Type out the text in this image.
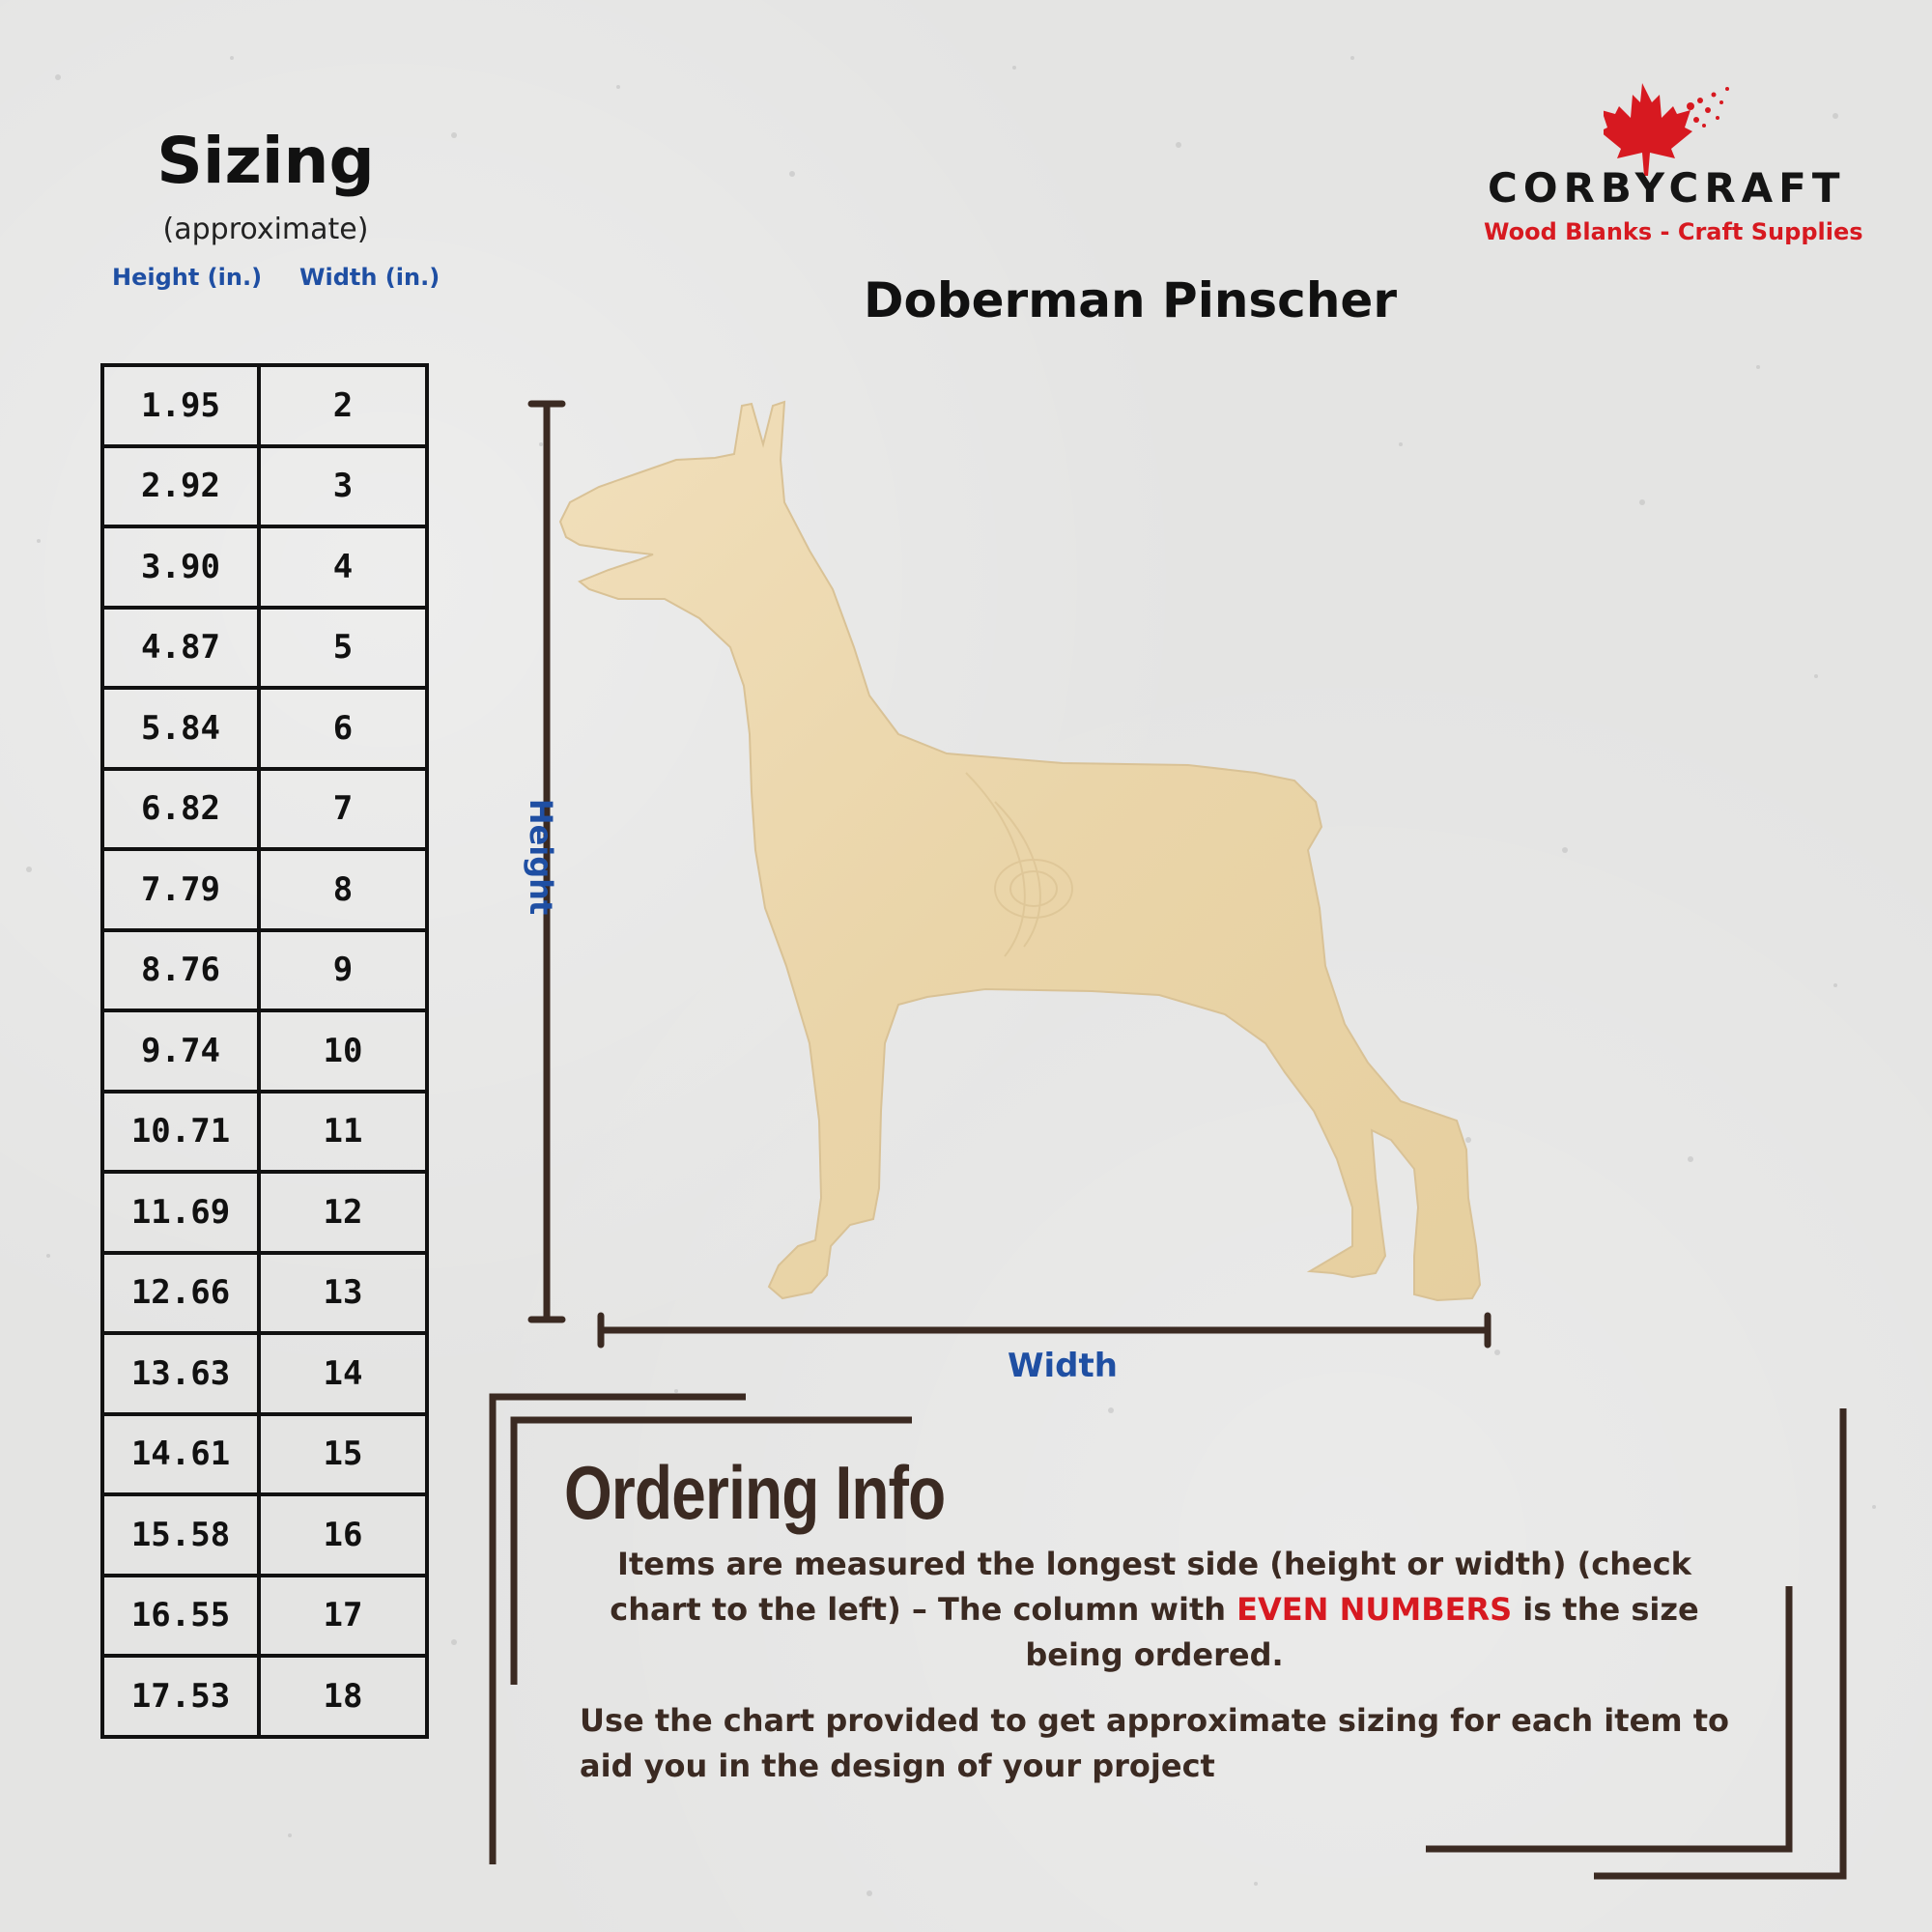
Sizing
(approximate)
Height (in.) Width (in.)
1.95	2
2.92	3
3.90	4
4.87	5
5.84	6
6.82	7
7.79	8
8.76	9
9.74	10
10.71	11
11.69	12
12.66	13
13.63	14
14.61	15
15.58	16
16.55	17
17.53	18
CORBYCRAFT
Wood Blanks - Craft Supplies
Doberman Pinscher
Height
Width
Ordering Info
Items are measured the longest side (height or width) (check chart to the left) – The column with EVEN NUMBERS is the size being ordered.
Use the chart provided to get approximate sizing for each item to aid you in the design of your project
